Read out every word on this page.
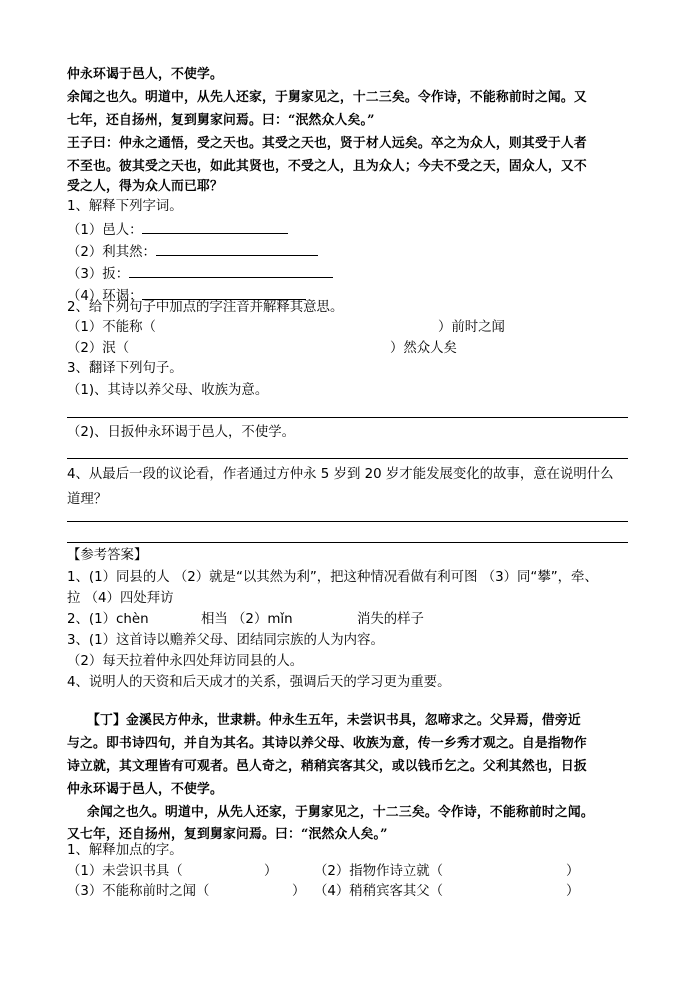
仲永环谒于邑人，不使学。
余闻之也久。明道中，从先人还家，于舅家见之，十二三矣。令作诗，不能称前时之闻。又
七年，还自扬州，复到舅家问焉。曰：“泯然众人矣。”
王子曰：仲永之通悟，受之天也。其受之天也，贤于材人远矣。卒之为众人，则其受于人者
不至也。彼其受之天也，如此其贤也，不受之人，且为众人；今夫不受之天，固众人，又不
受之人，得为众人而已耶？
1、解释下列字词。
（1）邑人：
（2）利其然：
（3）扳：
（4）环谒：
2、给下列句子中加点的字注音并解释其意思。
（1）不能称（	）前时之闻
（2）泯（	）然众人矣
3、翻译下列句子。
（1)、其诗以养父母、收族为意。
（2)、日扳仲永环谒于邑人，不使学。
4、从最后一段的议论看，作者通过方仲永 5 岁到 20 岁才能发展变化的故事，意在说明什么
道理？
【参考答案】
1、(1）同县的人 （2）就是“以其然为利”，把这种情况看做有利可图 （3）同“攀”，牵、
拉 （4）四处拜访
2、(1）chèn	相当 （2）mǐn	消失的样子
3、(1）这首诗以赡养父母、团结同宗族的人为内容。
（2）每天拉着仲永四处拜访同县的人。
4、说明人的天资和后天成才的关系，强调后天的学习更为重要。
【丁】金溪民方仲永，世隶耕。仲永生五年，未尝识书具，忽啼求之。父异焉，借旁近
与之。即书诗四句，并自为其名。其诗以养父母、收族为意，传一乡秀才观之。自是指物作
诗立就，其文理皆有可观者。邑人奇之，稍稍宾客其父，或以钱币乞之。父利其然也，日扳
仲永环谒于邑人，不使学。
余闻之也久。明道中，从先人还家，于舅家见之，十二三矣。令作诗，不能称前时之闻。
又七年，还自扬州，复到舅家问焉。曰：“泯然众人矣。”
1、解释加点的字。
（1）未尝识书具（	）	（2）指物作诗立就（	）
（3）不能称前时之闻（	） （4）稍稍宾客其父（	）
